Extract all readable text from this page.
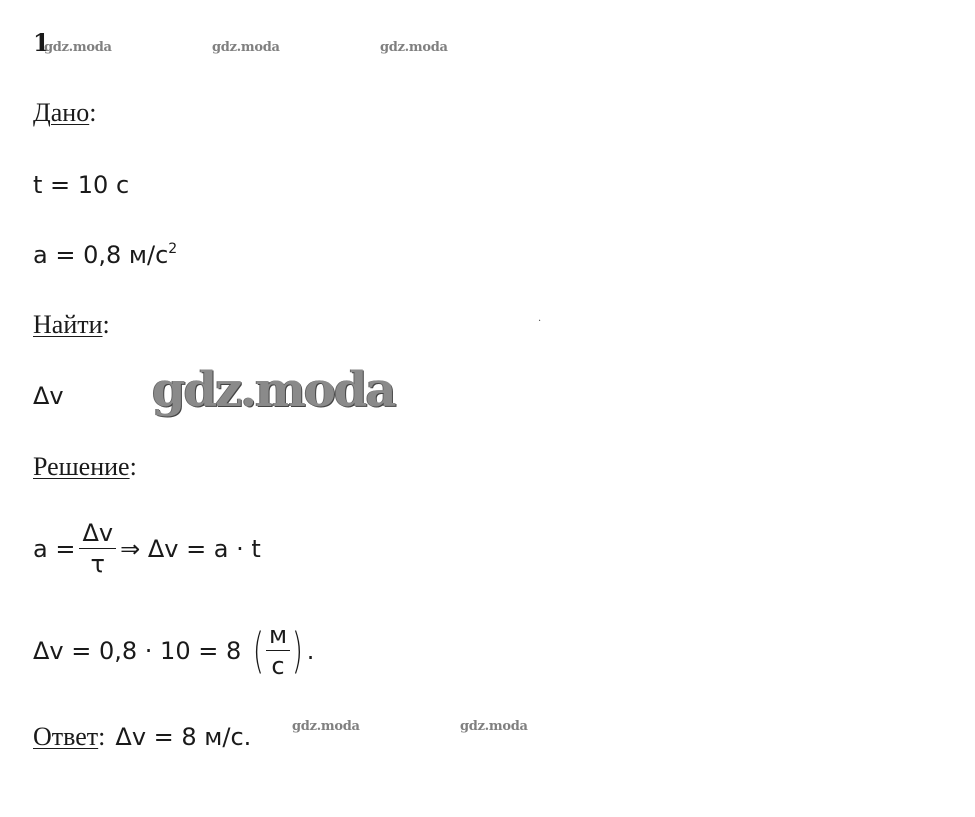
1
gdz.moda	gdz.moda	gdz.moda
Дано:
t = 10 c
a = 0,8 $м/с^2$
Найти:	·
Δv gdz.moda
Решение:
$a = \frac{\Delta v}{\tau}$ ⇒ Δv = a · t
Δv = 0,8 · 10 = 8 ( $\frac{м}{с}$ ) .
Ответ: Δv = 8 м/с.	gdz.moda	gdz.moda
